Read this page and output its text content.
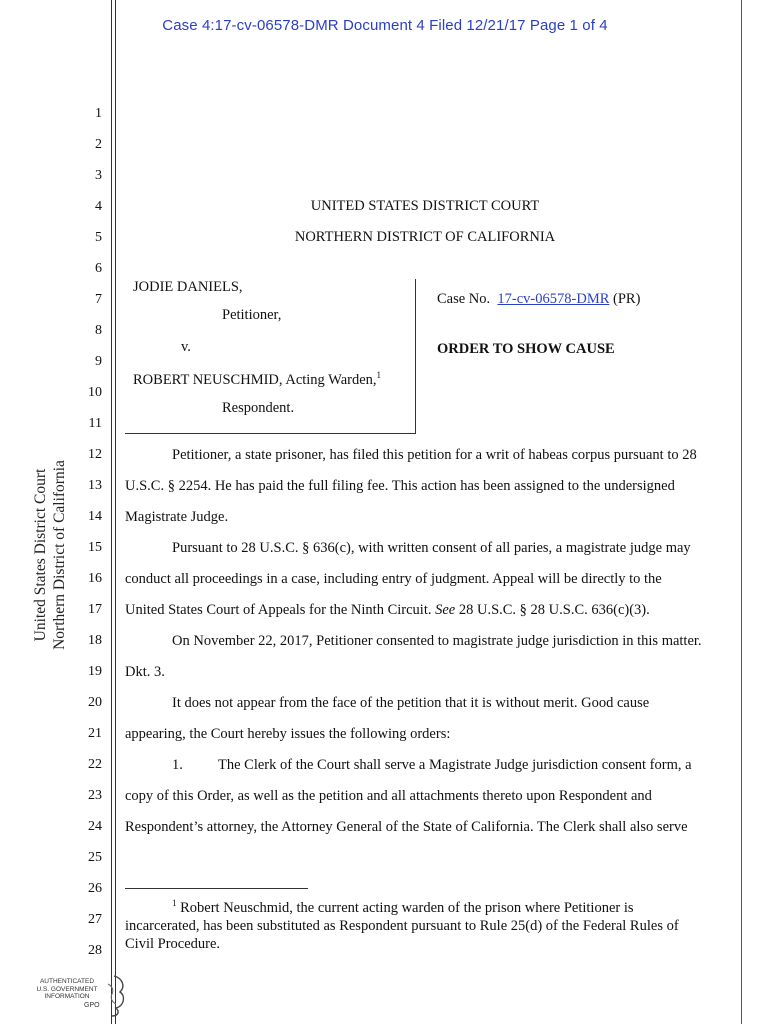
Case 4:17-cv-06578-DMR Document 4 Filed 12/21/17 Page 1 of 4
1
2
3
4
5
6
7
8
9
10
11
12
13
14
15
16
17
18
19
20
21
22
23
24
25
26
27
28
United States District Court Northern District of California
UNITED STATES DISTRICT COURT
NORTHERN DISTRICT OF CALIFORNIA
JODIE DANIELS,
Petitioner,
v.
ROBERT NEUSCHMID, Acting Warden,$^1$
Respondent.
Case No. 17-cv-06578-DMR (PR)
ORDER TO SHOW CAUSE
Petitioner, a state prisoner, has filed this petition for a writ of habeas corpus pursuant to 28
U.S.C. § 2254. He has paid the full filing fee. This action has been assigned to the undersigned
Magistrate Judge.
Pursuant to 28 U.S.C. § 636(c), with written consent of all paries, a magistrate judge may
conduct all proceedings in a case, including entry of judgment. Appeal will be directly to the
United States Court of Appeals for the Ninth Circuit. See 28 U.S.C. § 28 U.S.C. 636(c)(3).
On November 22, 2017, Petitioner consented to magistrate judge jurisdiction in this matter.
Dkt. 3.
It does not appear from the face of the petition that it is without merit. Good cause
appearing, the Court hereby issues the following orders:
1. The Clerk of the Court shall serve a Magistrate Judge jurisdiction consent form, a
copy of this Order, as well as the petition and all attachments thereto upon Respondent and
Respondent’s attorney, the Attorney General of the State of California. The Clerk shall also serve
$^1$ Robert Neuschmid, the current acting warden of the prison where Petitioner is
incarcerated, has been substituted as Respondent pursuant to Rule 25(d) of the Federal Rules of
Civil Procedure.
AUTHENTICATED
U.S. GOVERNMENT
INFORMATION
GPO
